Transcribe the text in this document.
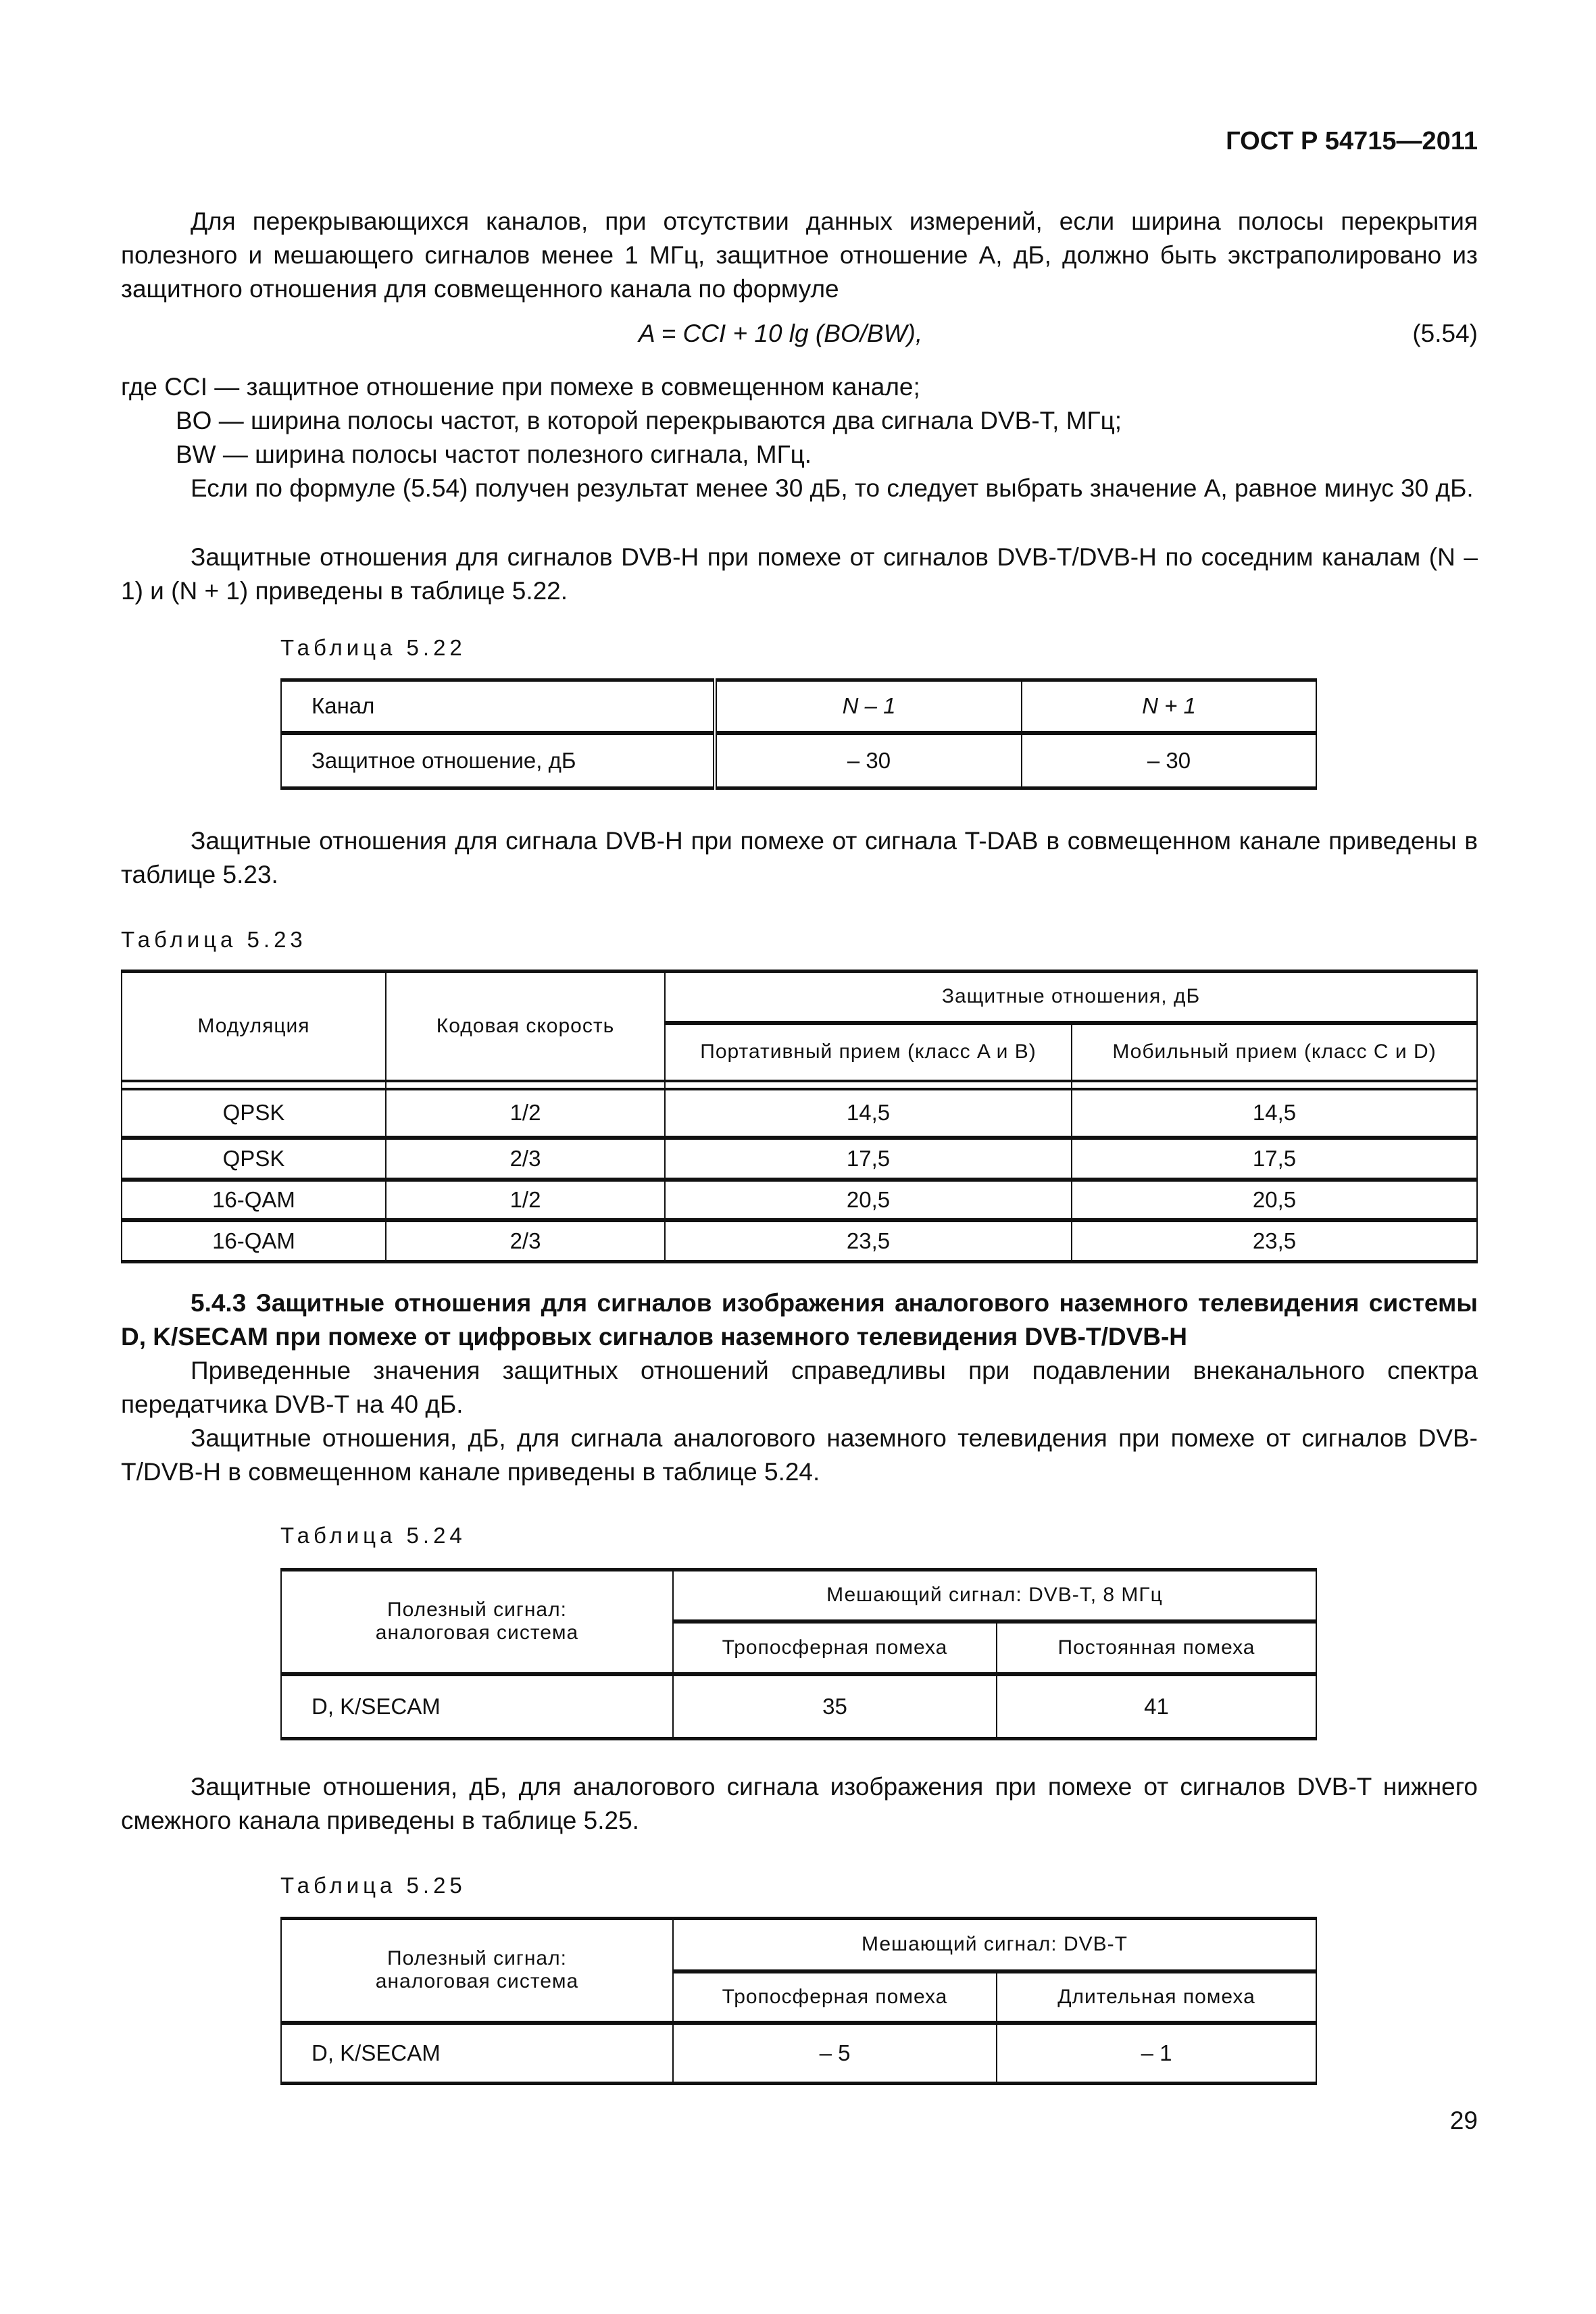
ГОСТ Р 54715—2011
Для перекрывающихся каналов, при отсутствии данных измерений, если ширина полосы перекрытия полезного и мешающего сигналов менее 1 МГц, защитное отношение A, дБ, должно быть экстраполировано из защитного отношения для совмещенного канала по формуле
A = CCI + 10 lg (BO/BW),	(5.54)
где CCI — защитное отношение при помехе в совмещенном канале;
BO — ширина полосы частот, в которой перекрываются два сигнала DVB-T, МГц;
BW — ширина полосы частот полезного сигнала, МГц.
Если по формуле (5.54) получен результат менее 30 дБ, то следует выбрать значение A, равное минус 30 дБ.
Защитные отношения для сигналов DVB-H при помехе от сигналов DVB-T/DVB-H по соседним каналам (N – 1) и (N + 1) приведены в таблице 5.22.
Таблица 5.22
Канал	N – 1	N + 1
Защитное отношение, дБ	– 30	– 30
Защитные отношения для сигнала DVB-H при помехе от сигнала T-DAB в совмещенном канале приведены в таблице 5.23.
Таблица 5.23
Модуляция	Кодовая скорость	Защитные отношения, дБ	
		Портативный прием (класс A и B)	Мобильный прием (класс C и D)

QPSK	1/2	14,5	14,5
QPSK	2/3	17,5	17,5
16-QAM	1/2	20,5	20,5
16-QAM	2/3	23,5	23,5
5.4.3 Защитные отношения для сигналов изображения аналогового наземного телевидения системы D, K/SECAM при помехе от цифровых сигналов наземного телевидения DVB-T/DVB-H
Приведенные значения защитных отношений справедливы при подавлении внеканального спектра передатчика DVB-T на 40 дБ.
Защитные отношения, дБ, для сигнала аналогового наземного телевидения при помехе от сигналов DVB-T/DVB-H в совмещенном канале приведены в таблице 5.24.
Таблица 5.24
Полезный сигнал: аналоговая система	Мешающий сигнал: DVB-T, 8 МГц	
	Тропосферная помеха	Постоянная помеха
D, K/SECAM	35	41
Защитные отношения, дБ, для аналогового сигнала изображения при помехе от сигналов DVB-T нижнего смежного канала приведены в таблице 5.25.
Таблица 5.25
Полезный сигнал: аналоговая система	Мешающий сигнал: DVB-T	
	Тропосферная помеха	Длительная помеха
D, K/SECAM	– 5	– 1
29
